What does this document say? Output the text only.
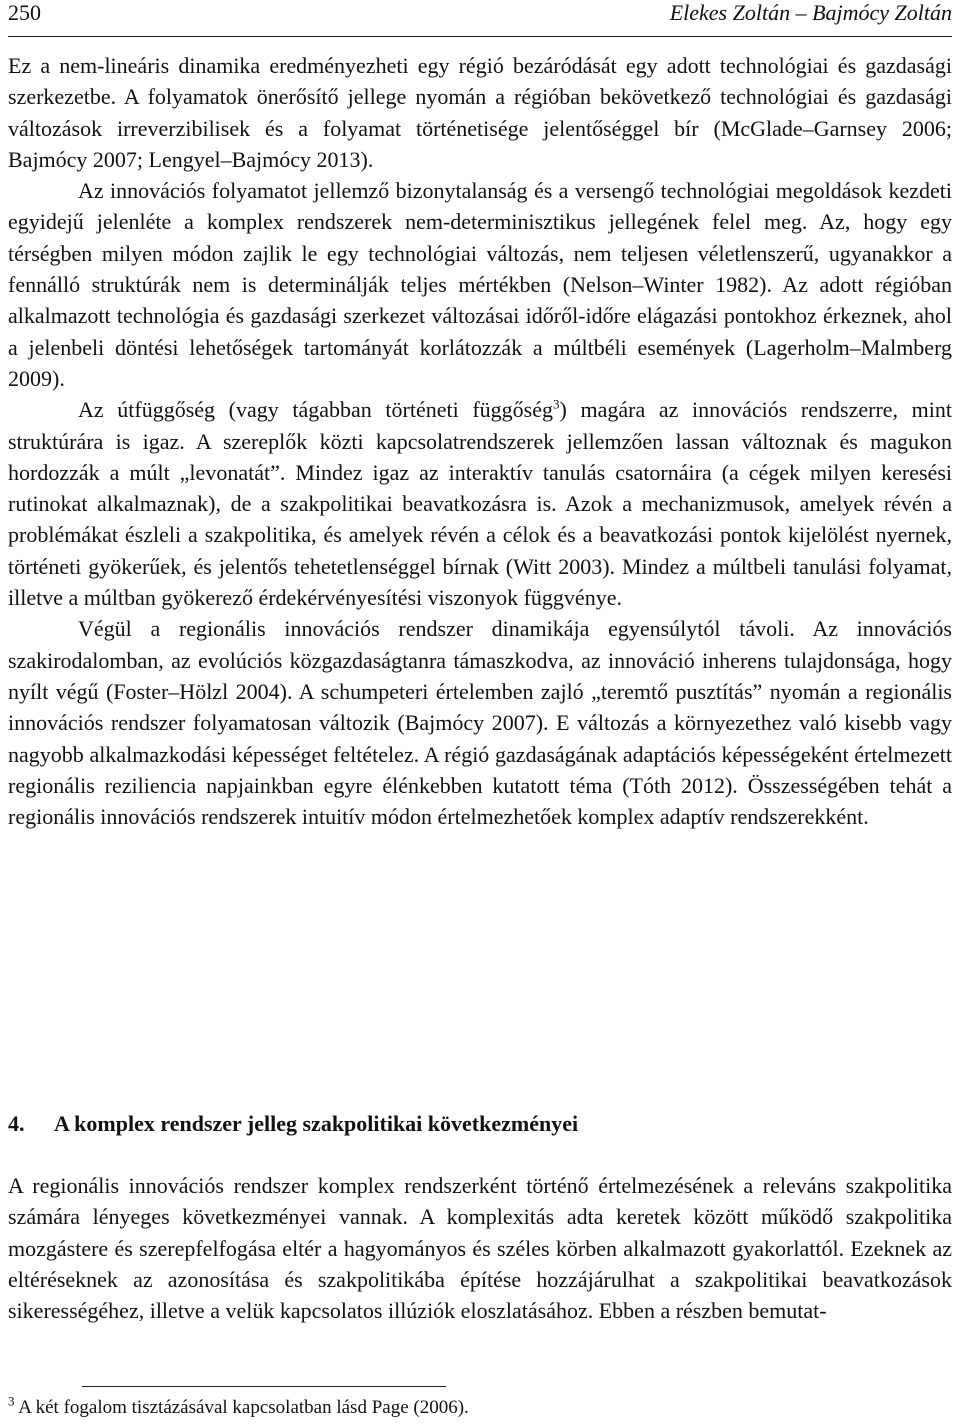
250	Elekes Zoltán – Bajmócy Zoltán

Ez a nem-lineáris dinamika eredményezheti egy régió bezáródását egy adott technológiai és gazdasági szerkezetbe. A folyamatok önerősítő jellege nyomán a régióban bekövetkező technológiai és gazdasági változások irreverzibilisek és a folyamat történetisége jelentőséggel bír (McGlade–Garnsey 2006; Bajmócy 2007; Lengyel–Bajmócy 2013).

Az innovációs folyamatot jellemző bizonytalanság és a versengő technológiai megoldások kezdeti egyidejű jelenléte a komplex rendszerek nem-determinisztikus jellegének felel meg. Az, hogy egy térségben milyen módon zajlik le egy technológiai változás, nem teljesen véletlenszerű, ugyanakkor a fennálló struktúrák nem is determinálják teljes mértékben (Nelson–Winter 1982). Az adott régióban alkalmazott technológia és gazdasági szerkezet változásai időről-időre elágazási pontokhoz érkeznek, ahol a jelenbeli döntési lehetőségek tartományát korlátozzák a múltbéli események (Lagerholm–Malmberg 2009).

Az útfüggőség (vagy tágabban történeti függőség$^3$) magára az innovációs rendszerre, mint struktúrára is igaz. A szereplők közti kapcsolatrendszerek jellemzően lassan változnak és magukon hordozzák a múlt „levonatát”. Mindez igaz az interaktív tanulás csatornáira (a cégek milyen keresési rutinokat alkalmaznak), de a szakpolitikai beavatkozásra is. Azok a mechanizmusok, amelyek révén a problémákat észleli a szakpolitika, és amelyek révén a célok és a beavatkozási pontok kijelölést nyernek, történeti gyökerűek, és jelentős tehetetlenséggel bírnak (Witt 2003). Mindez a múltbeli tanulási folyamat, illetve a múltban gyökerező érdekérvényesítési viszonyok függvénye.

Végül a regionális innovációs rendszer dinamikája egyensúlytól távoli. Az innovációs szakirodalomban, az evolúciós közgazdaságtanra támaszkodva, az innováció inherens tulajdonsága, hogy nyílt végű (Foster–Hölzl 2004). A schumpeteri értelemben zajló „teremtő pusztítás” nyomán a regionális innovációs rendszer folyamatosan változik (Bajmócy 2007). E változás a környezethez való kisebb vagy nagyobb alkalmazkodási képességet feltételez. A régió gazdaságának adaptációs képességeként értelmezett regionális reziliencia napjainkban egyre élénkebben kutatott téma (Tóth 2012). Összességében tehát a regionális innovációs rendszerek intuitív módon értelmezhetőek komplex adaptív rendszerekként.

4. A komplex rendszer jelleg szakpolitikai következményei

A regionális innovációs rendszer komplex rendszerként történő értelmezésének a releváns szakpolitika számára lényeges következményei vannak. A komplexitás adta keretek között működő szakpolitika mozgástere és szerepfelfogása eltér a hagyományos és széles körben alkalmazott gyakorlattól. Ezeknek az eltéréseknek az azonosítása és szakpolitikába építése hozzájárulhat a szakpolitikai beavatkozások sikerességéhez, illetve a velük kapcsolatos illúziók eloszlatásához. Ebben a részben bemutat-

$^3$ A két fogalom tisztázásával kapcsolatban lásd Page (2006).
